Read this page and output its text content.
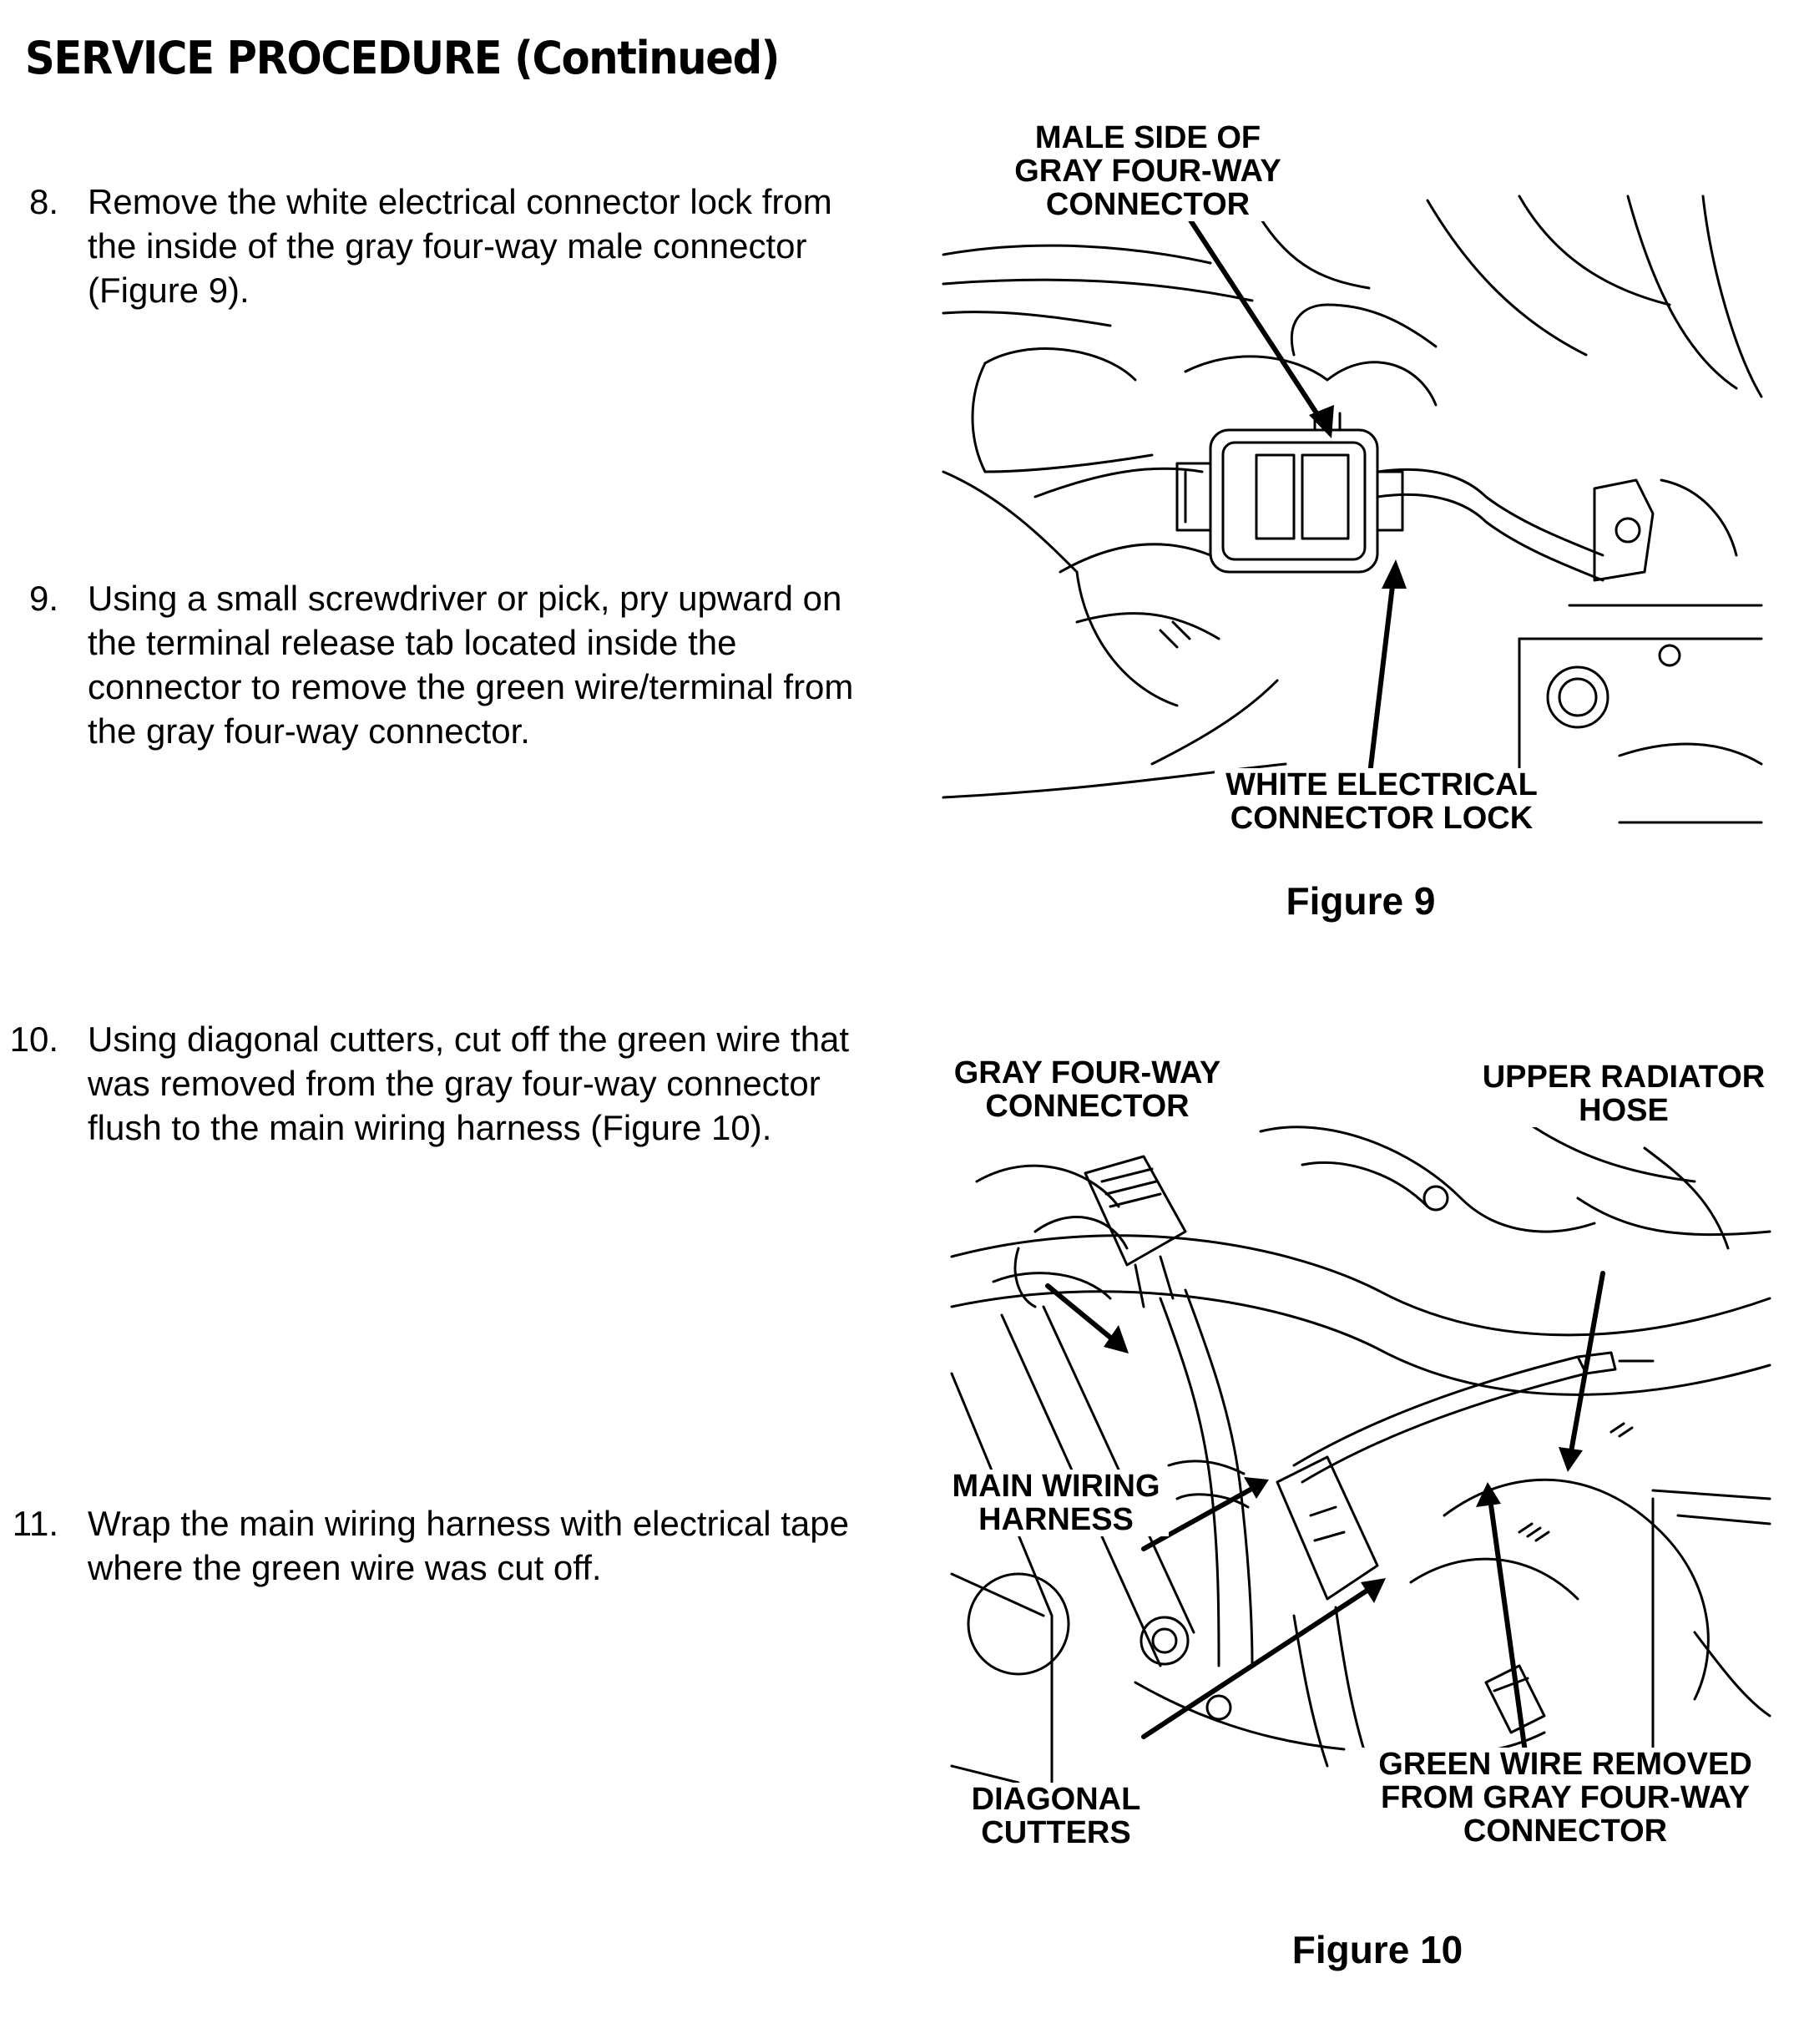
SERVICE PROCEDURE (Continued)
8. Remove the white electrical connector lock from the inside of the gray four-way male connector (Figure 9).
9. Using a small screwdriver or pick, pry upward on the terminal release tab located inside the connector to remove the green wire/terminal from the gray four-way connector.
10. Using diagonal cutters, cut off the green wire that was removed from the gray four-way connector flush to the main wiring harness (Figure 10).
11. Wrap the main wiring harness with electrical tape where the green wire was cut off.
MALE SIDE OF
GRAY FOUR-WAY
CONNECTOR
WHITE ELECTRICAL
CONNECTOR LOCK
Figure 9
GRAY FOUR-WAY
CONNECTOR
UPPER RADIATOR
HOSE
MAIN WIRING
HARNESS
DIAGONAL
CUTTERS
GREEN WIRE REMOVED
FROM GRAY FOUR-WAY
CONNECTOR
Figure 10
